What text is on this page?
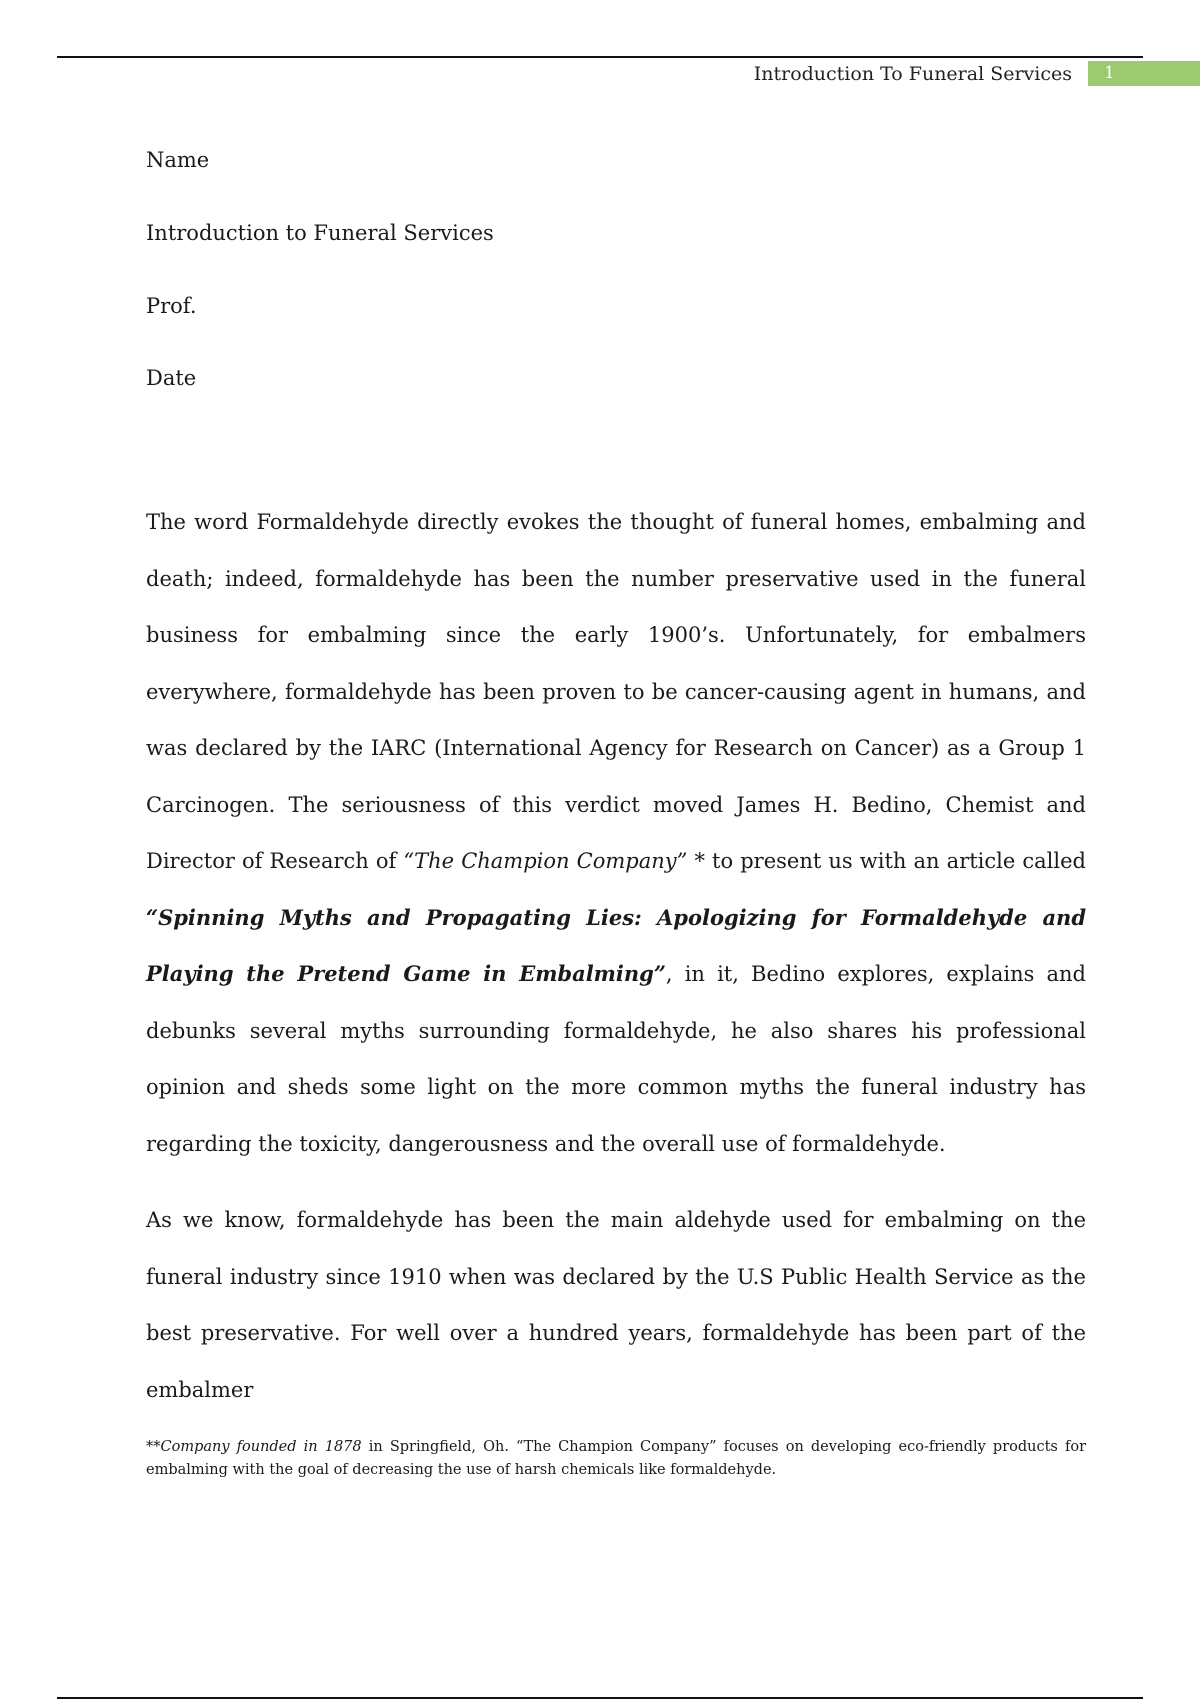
Introduction To Funeral Services	1
Name
Introduction to Funeral Services
Prof.
Date

The word Formaldehyde directly evokes the thought of funeral homes, embalming and death; indeed, formaldehyde has been the number preservative used in the funeral business for embalming since the early 1900’s. Unfortunately, for embalmers everywhere, formaldehyde has been proven to be cancer-causing agent in humans, and was declared by the IARC (International Agency for Research on Cancer) as a Group 1 Carcinogen. The seriousness of this verdict moved James H. Bedino, Chemist and Director of Research of “The Champion Company” * to present us with an article called “Spinning Myths and Propagating Lies: Apologizing for Formaldehyde and Playing the Pretend Game in Embalming”, in it, Bedino explores, explains and debunks several myths surrounding formaldehyde, he also shares his professional opinion and sheds some light on the more common myths the funeral industry has regarding the toxicity, dangerousness and the overall use of formaldehyde.

As we know, formaldehyde has been the main aldehyde used for embalming on the funeral industry since 1910 when was declared by the U.S Public Health Service as the best preservative. For well over a hundred years, formaldehyde has been part of the embalmer

**Company founded in 1878 in Springfield, Oh. “The Champion Company” focuses on developing eco-friendly products for embalming with the goal of decreasing the use of harsh chemicals like formaldehyde.
